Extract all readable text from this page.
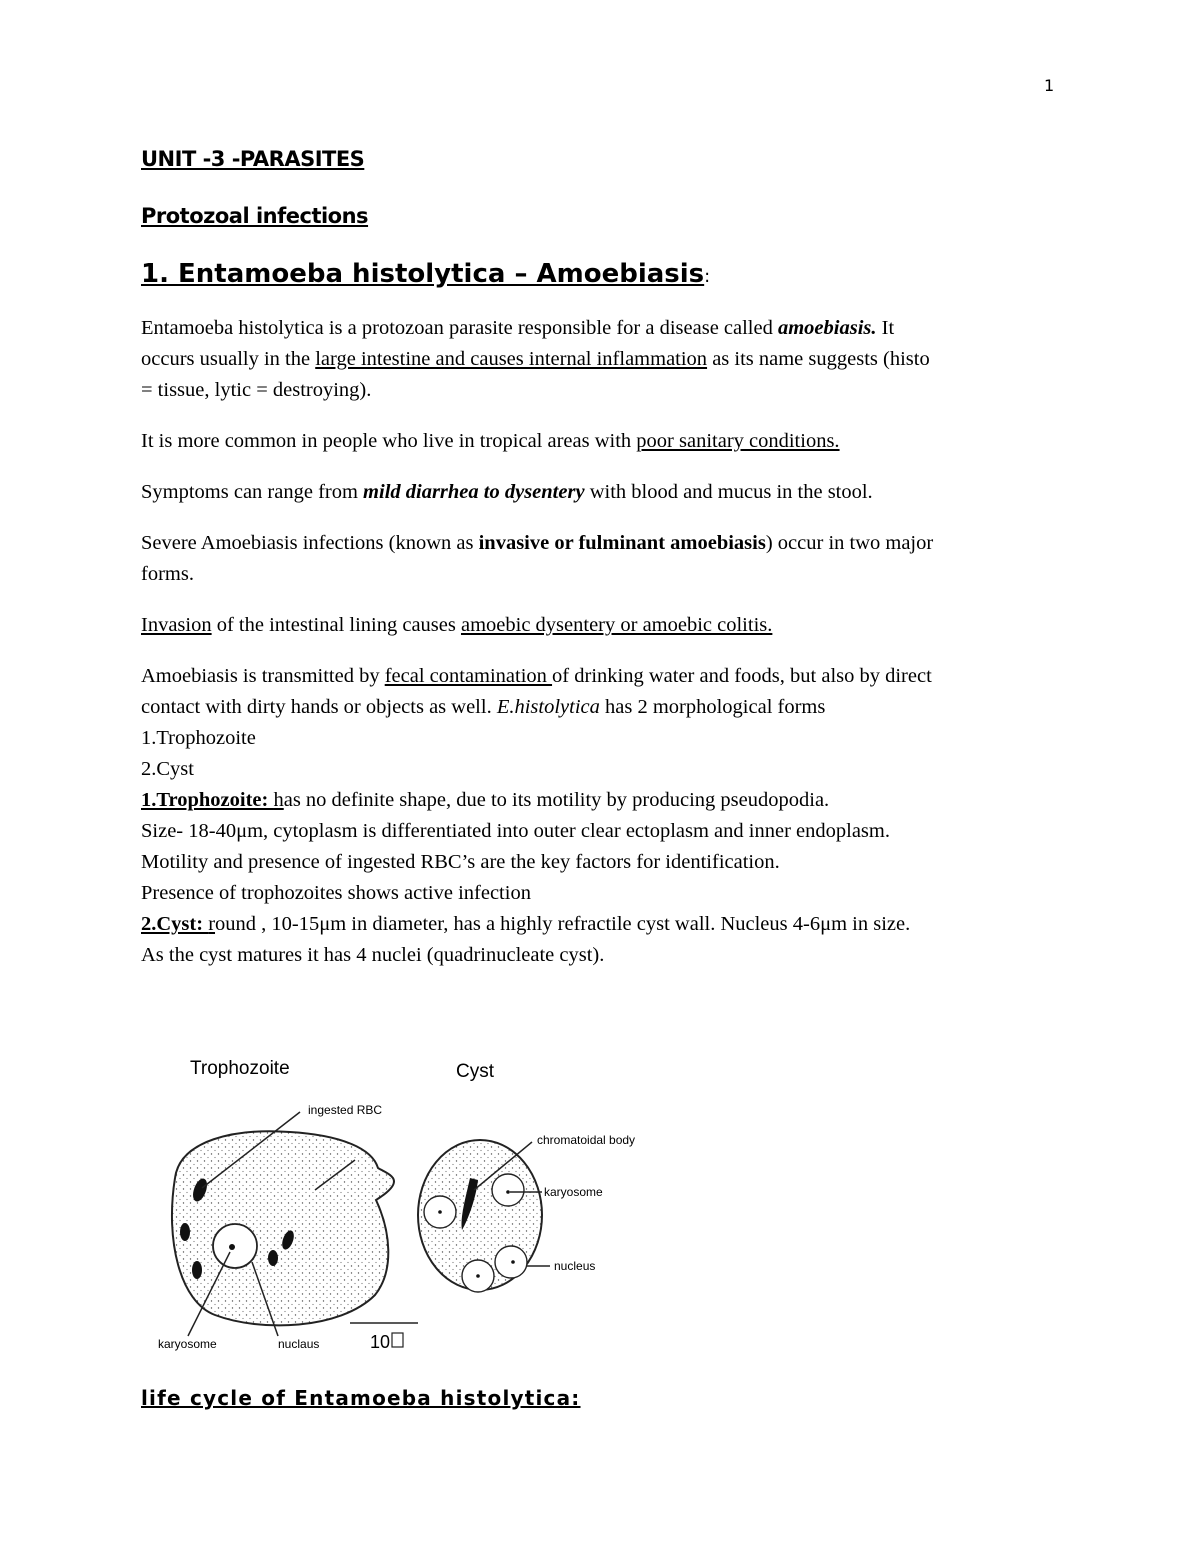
1
UNIT -3 -PARASITES
Protozoal infections
1. Entamoeba histolytica – Amoebiasis:
Entamoeba histolytica is a protozoan parasite responsible for a disease called amoebiasis. It
occurs usually in the large intestine and causes internal inflammation as its name suggests (histo
= tissue, lytic = destroying).
It is more common in people who live in tropical areas with poor sanitary conditions.
Symptoms can range from mild diarrhea to dysentery with blood and mucus in the stool.
Severe Amoebiasis infections (known as invasive or fulminant amoebiasis) occur in two major
forms.
Invasion of the intestinal lining causes amoebic dysentery or amoebic colitis.
Amoebiasis is transmitted by fecal contamination of drinking water and foods, but also by direct
contact with dirty hands or objects as well. E.histolytica has 2 morphological forms
1.Trophozoite
2.Cyst
1.Trophozoite: has no definite shape, due to its motility by producing pseudopodia.
Size- 18-40μm, cytoplasm is differentiated into outer clear ectoplasm and inner endoplasm.
Motility and presence of ingested RBC’s are the key factors for identification.
Presence of trophozoites shows active infection
2.Cyst: round , 10-15μm in diameter, has a highly refractile cyst wall. Nucleus 4-6μm in size.
As the cyst matures it has 4 nuclei (quadrinucleate cyst).
Trophozoite	Cyst
ingested RBC
karyosome	nuclaus	10
chromatoidal body
karyosome
nucleus
life cycle of Entamoeba histolytica:
